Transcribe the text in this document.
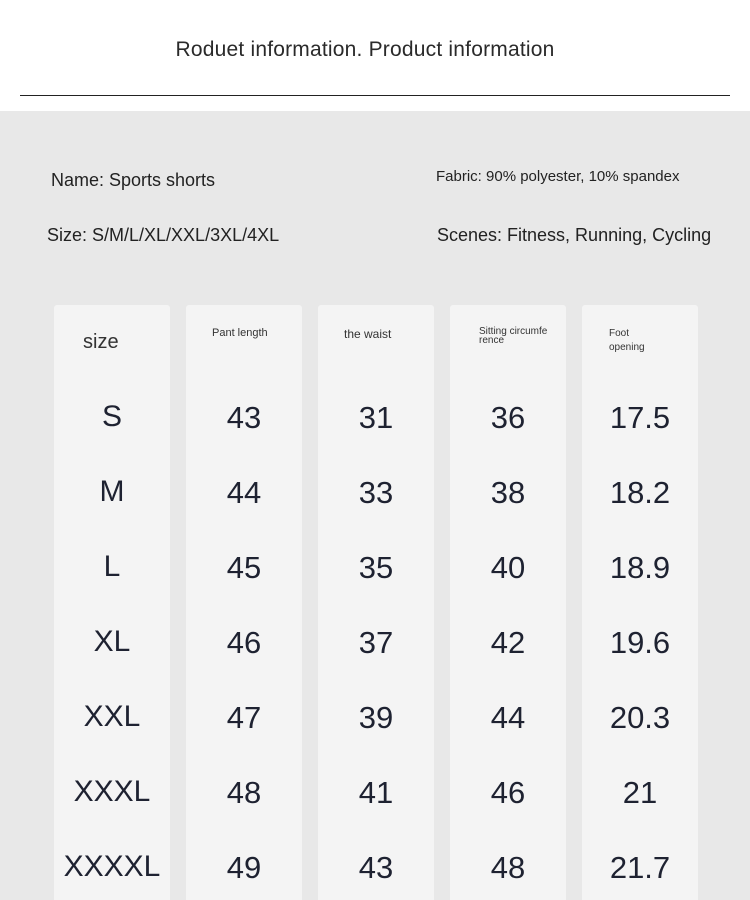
Roduet information. Product information
Name: Sports shorts	Fabric: 90% polyester, 10% spandex
Size: S/M/L/XL/XXL/3XL/4XL	Scenes: Fitness, Running, Cycling
size
S
M
L
XL
XXL
XXXL
XXXXL
Pant length
43
44
45
46
47
48
49
the waist
31
33
35
37
39
41
43
Sitting circumference
36
38
40
42
44
46
48
Foot opening
17.5
18.2
18.9
19.6
20.3
21
21.7
